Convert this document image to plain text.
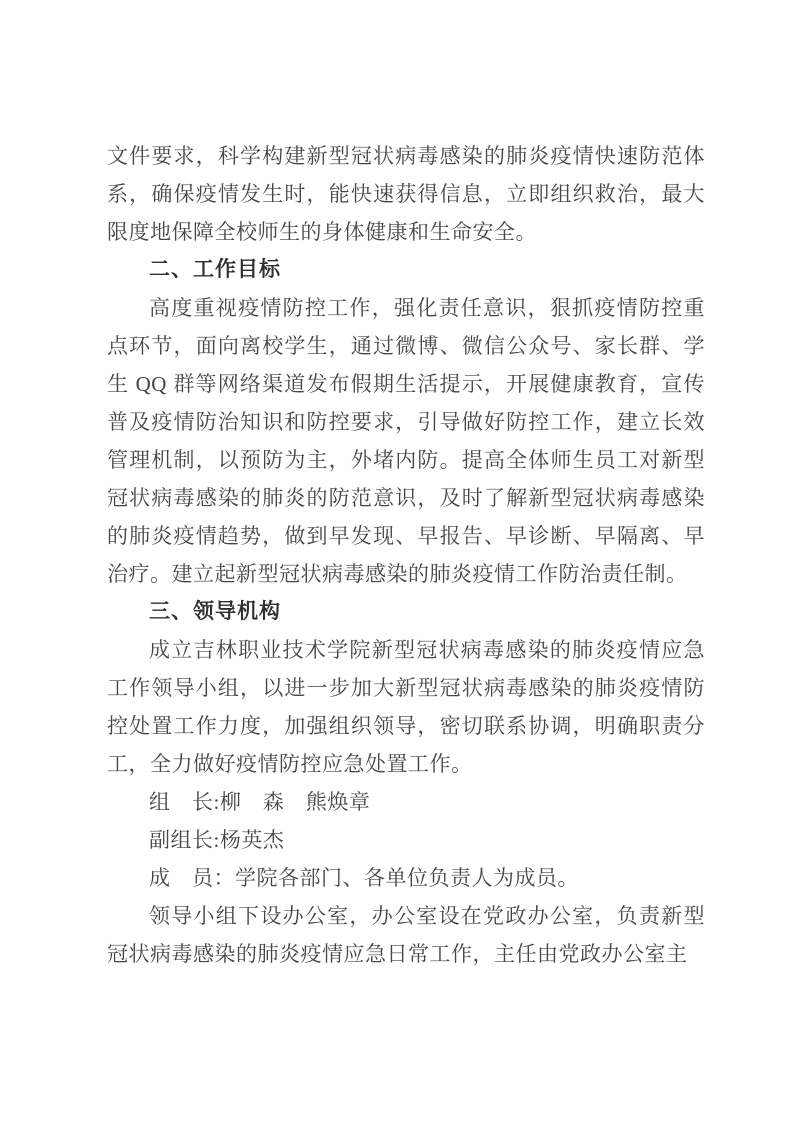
文件要求，科学构建新型冠状病毒感染的肺炎疫情快速防范体系，确保疫情发生时，能快速获得信息，立即组织救治，最大限度地保障全校师生的身体健康和生命安全。

二、工作目标

高度重视疫情防控工作，强化责任意识，狠抓疫情防控重点环节，面向离校学生，通过微博、微信公众号、家长群、学生 QQ 群等网络渠道发布假期生活提示，开展健康教育，宣传普及疫情防治知识和防控要求，引导做好防控工作，建立长效管理机制，以预防为主，外堵内防。提高全体师生员工对新型冠状病毒感染的肺炎的防范意识，及时了解新型冠状病毒感染的肺炎疫情趋势，做到早发现、早报告、早诊断、早隔离、早治疗。建立起新型冠状病毒感染的肺炎疫情工作防治责任制。

三、领导机构

成立吉林职业技术学院新型冠状病毒感染的肺炎疫情应急工作领导小组，以进一步加大新型冠状病毒感染的肺炎疫情防控处置工作力度，加强组织领导，密切联系协调，明确职责分工，全力做好疫情防控应急处置工作。

组　长:柳　森　熊焕章

副组长:杨英杰

成　员：学院各部门、各单位负责人为成员。

领导小组下设办公室，办公室设在党政办公室，负责新型冠状病毒感染的肺炎疫情应急日常工作，主任由党政办公室主
